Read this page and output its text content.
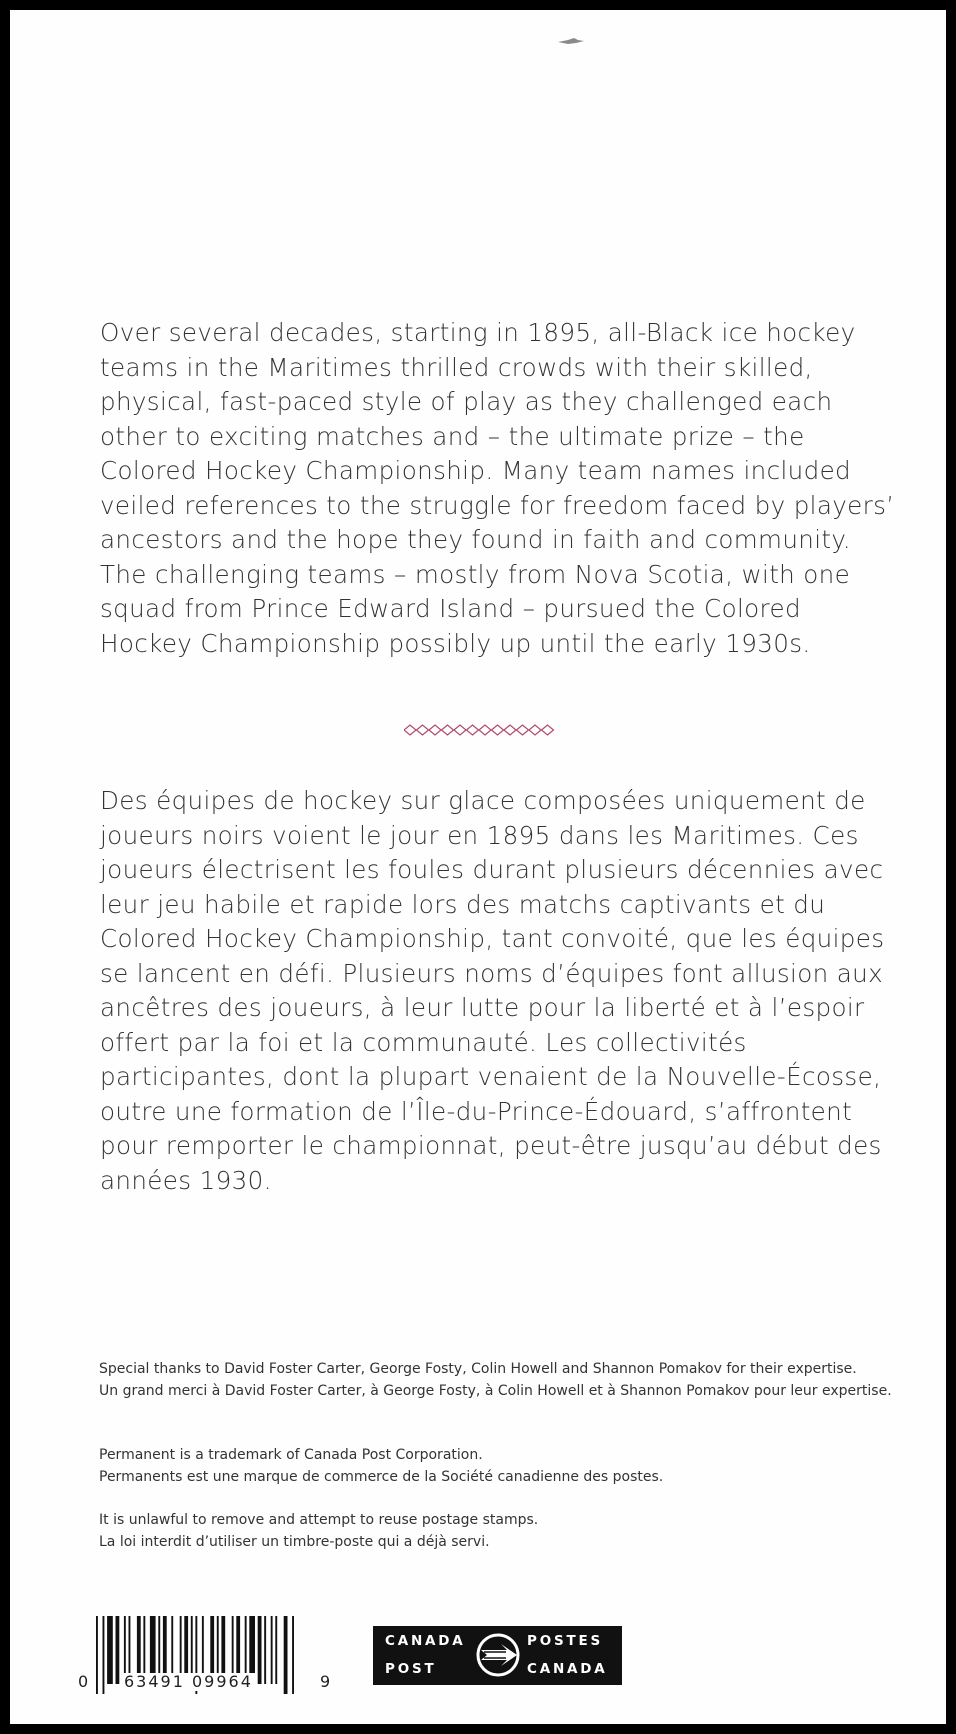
Over several decades, starting in 1895, all-Black ice hockey teams in the Maritimes thrilled crowds with their skilled, physical, fast-paced style of play as they challenged each other to exciting matches and – the ultimate prize – the Colored Hockey Championship. Many team names included veiled references to the struggle for freedom faced by players’ ancestors and the hope they found in faith and community. The challenging teams – mostly from Nova Scotia, with one squad from Prince Edward Island – pursued the Colored Hockey Championship possibly up until the early 1930s.

Des équipes de hockey sur glace composées uniquement de joueurs noirs voient le jour en 1895 dans les Maritimes. Ces joueurs électrisent les foules durant plusieurs décennies avec leur jeu habile et rapide lors des matchs captivants et du Colored Hockey Championship, tant convoité, que les équipes se lancent en défi. Plusieurs noms d’équipes font allusion aux ancêtres des joueurs, à leur lutte pour la liberté et à l’espoir offert par la foi et la communauté. Les collectivités participantes, dont la plupart venaient de la Nouvelle-Écosse, outre une formation de l’Île-du-Prince-Édouard, s’affrontent pour remporter le championnat, peut-être jusqu’au début des années 1930.

Special thanks to David Foster Carter, George Fosty, Colin Howell and Shannon Pomakov for their expertise.
Un grand merci à David Foster Carter, à George Fosty, à Colin Howell et à Shannon Pomakov pour leur expertise.

Permanent is a trademark of Canada Post Corporation.
Permanents est une marque de commerce de la Société canadienne des postes.

It is unlawful to remove and attempt to reuse postage stamps.
La loi interdit d’utiliser un timbre-poste qui a déjà servi.

0 63491 09964	9
CANADA
POST
POSTES
CANADA
